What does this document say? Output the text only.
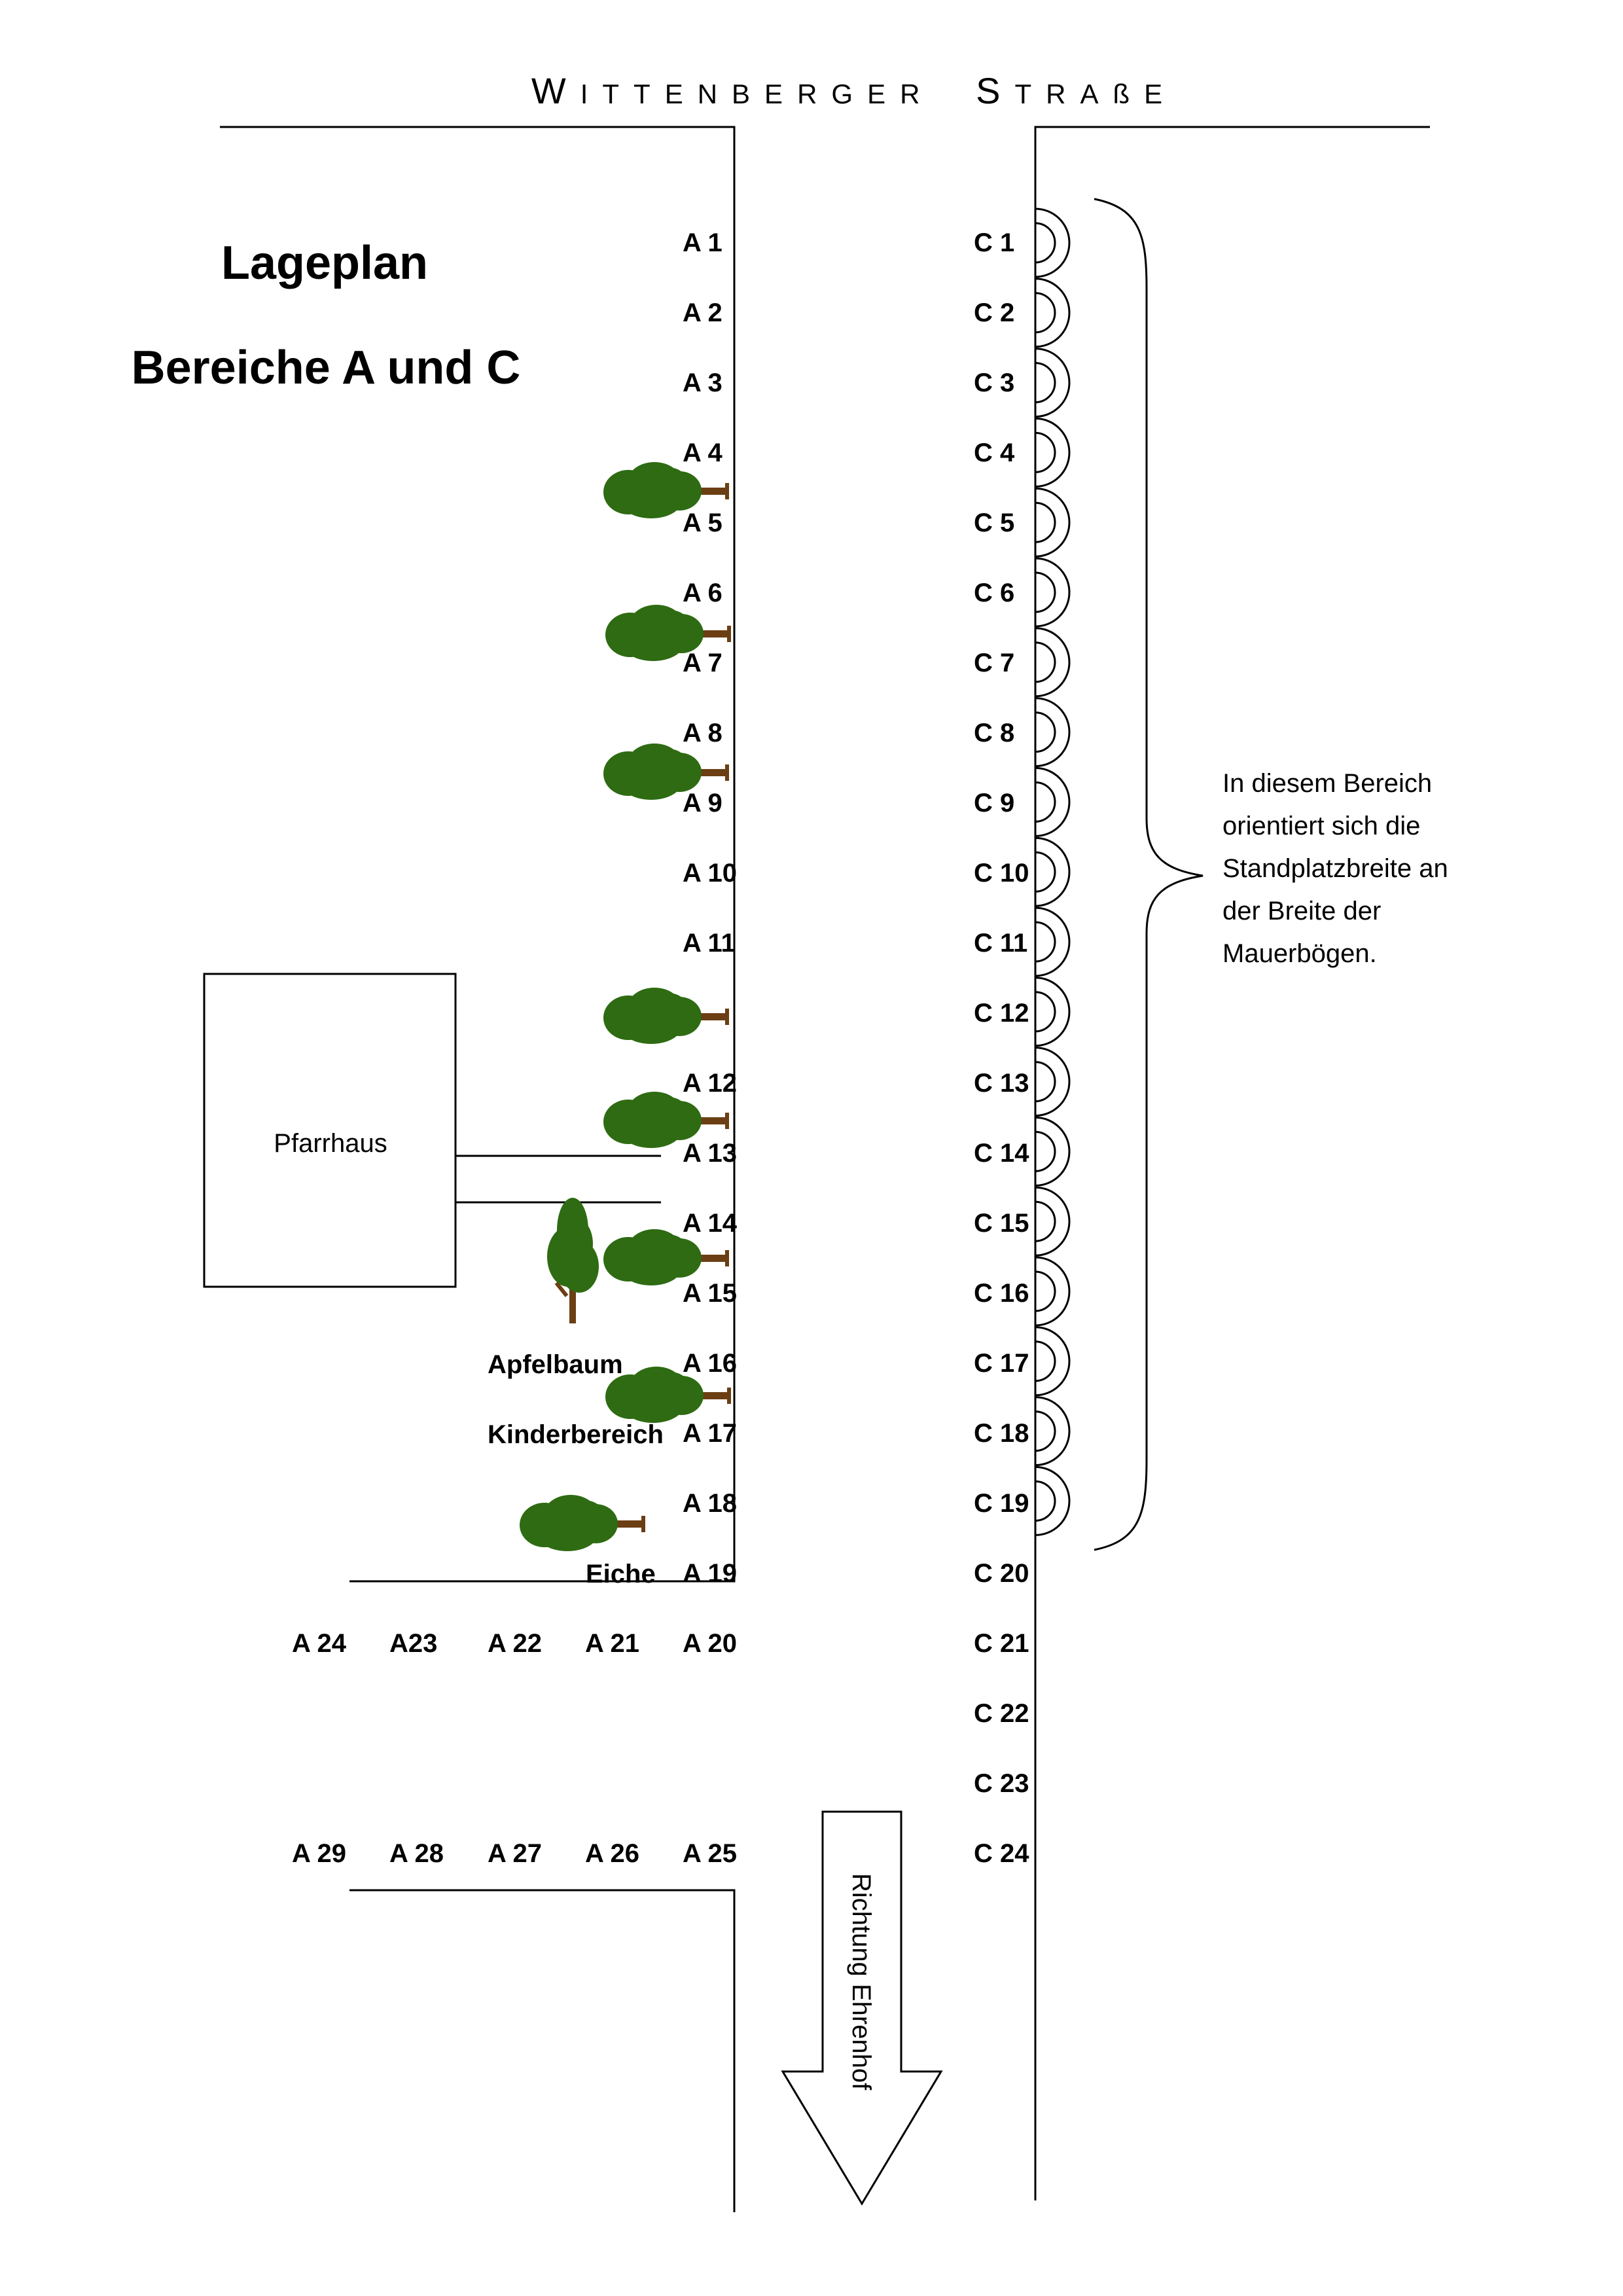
WITTENBERGER STRAßE
Lageplan
Bereiche A und C
Pfarrhaus
In diesem Bereich
orientiert sich die
Standplatzbreite an
der Breite der
Mauerbögen.
Apfelbaum
Kinderbereich
Eiche
A 1
A 2
A 3
A 4
A 5
A 6
A 7
A 8
A 9
A 10
A 11
A 12
A 13
A 14
A 15
A 16
A 17
A 18
A 19
A 20
A 25
A 24 A23 A 22 A 21
A 29 A 28 A 27 A 26
C 1
C 2
C 3
C 4
C 5
C 6
C 7
C 8
C 9
C 10
C 11
C 12
C 13
C 14
C 15
C 16
C 17
C 18
C 19
C 20
C 21
C 22
C 23
C 24
Richtung Ehrenhof
